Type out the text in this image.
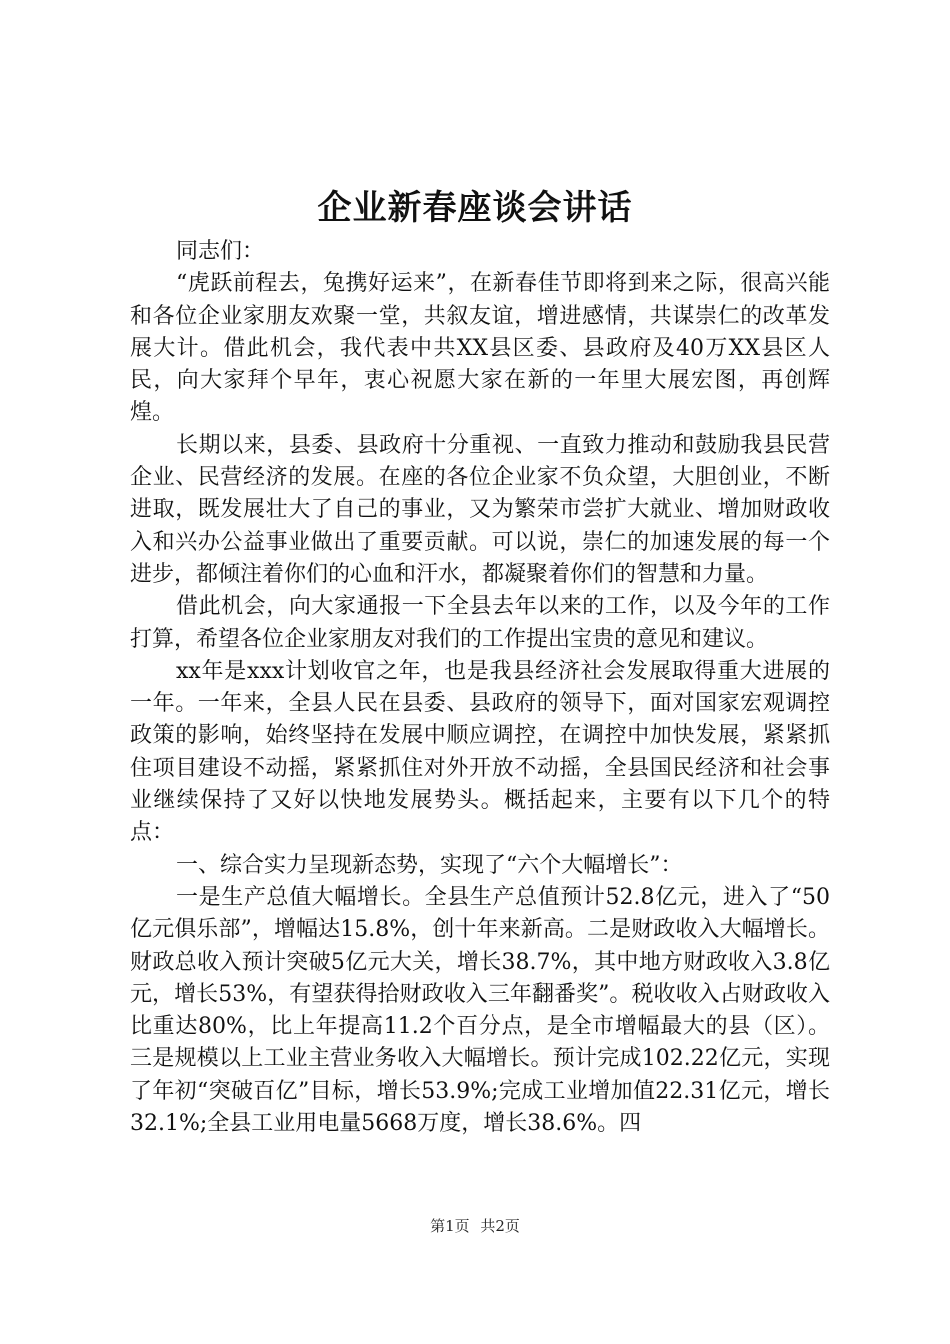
企业新春座谈会讲话

同志们：

“虎跃前程去，兔携好运来”，在新春佳节即将到来之际，很高兴能和各位企业家朋友欢聚一堂，共叙友谊，增进感情，共谋崇仁的改革发展大计。借此机会，我代表中共XX县区委、县政府及40万XX县区人民，向大家拜个早年，衷心祝愿大家在新的一年里大展宏图，再创辉煌。

长期以来，县委、县政府十分重视、一直致力推动和鼓励我县民营企业、民营经济的发展。在座的各位企业家不负众望，大胆创业，不断进取，既发展壮大了自己的事业，又为繁荣市尝扩大就业、增加财政收入和兴办公益事业做出了重要贡献。可以说，崇仁的加速发展的每一个进步，都倾注着你们的心血和汗水，都凝聚着你们的智慧和力量。

借此机会，向大家通报一下全县去年以来的工作，以及今年的工作打算，希望各位企业家朋友对我们的工作提出宝贵的意见和建议。

xx年是xxx计划收官之年，也是我县经济社会发展取得重大进展的一年。一年来，全县人民在县委、县政府的领导下，面对国家宏观调控政策的影响，始终坚持在发展中顺应调控，在调控中加快发展，紧紧抓住项目建设不动摇，紧紧抓住对外开放不动摇，全县国民经济和社会事业继续保持了又好以快地发展势头。概括起来，主要有以下几个的特点：

一、综合实力呈现新态势，实现了“六个大幅增长”：

一是生产总值大幅增长。全县生产总值预计52.8亿元，进入了“50亿元俱乐部”，增幅达15.8%，创十年来新高。二是财政收入大幅增长。财政总收入预计突破5亿元大关，增长38.7%，其中地方财政收入3.8亿元，增长53%，有望获得拾财政收入三年翻番奖”。税收收入占财政收入比重达80%，比上年提高11.2个百分点，是全市增幅最大的县（区）。三是规模以上工业主营业务收入大幅增长。预计完成102.22亿元，实现了年初“突破百亿”目标，增长53.9%;完成工业增加值22.31亿元，增长32.1%;全县工业用电量5668万度，增长38.6%。四

第1页 共2页
